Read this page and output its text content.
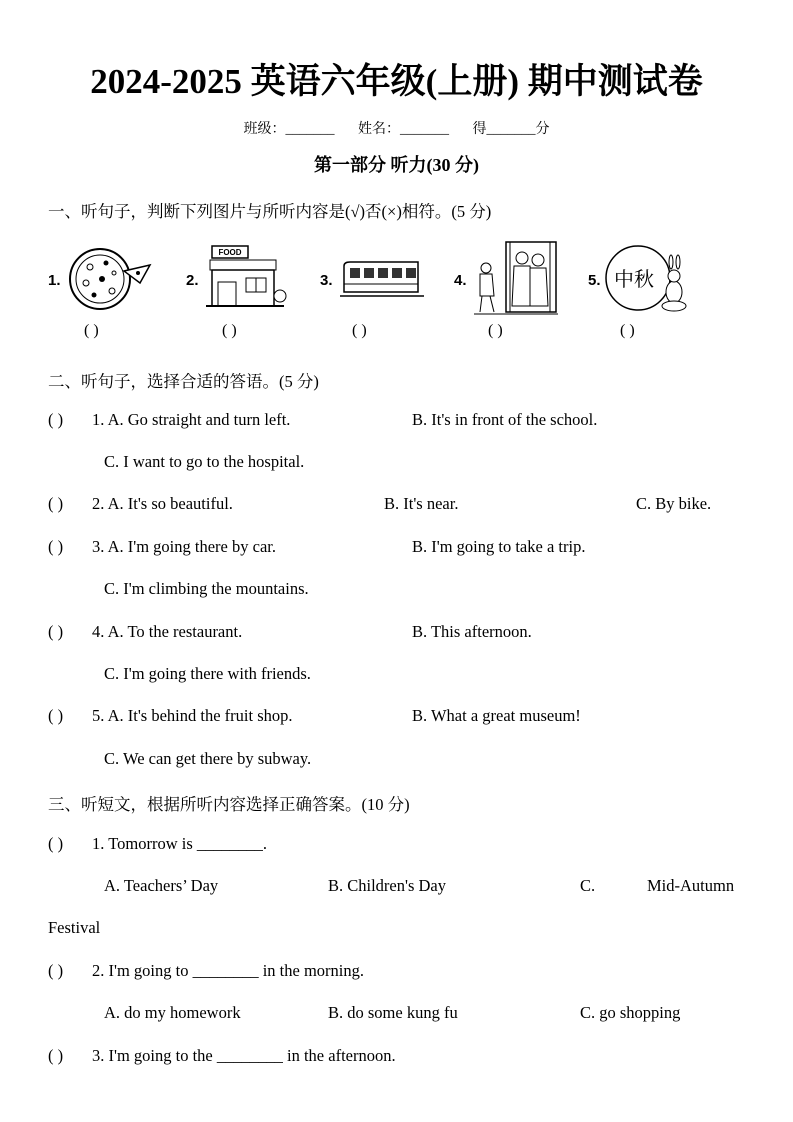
2024-2025 英语六年级(上册) 期中测试卷
班级：_______ 姓名：_______ 得_______分
第一部分 听力(30 分)
一、听句子，判断下列图片与所听内容是(√)否(×)相符。(5 分)
1.
( )
2.
FOOD
( )
3.
( )
4.
( )
5. 中秋
( )
二、听句子，选择合适的答语。(5 分)
( ) 1. A. Go straight and turn left.	B. It's in front of the school.
C. I want to go to the hospital.
( ) 2. A. It's so beautiful.	B. It's near.	C. By bike.
( ) 3. A. I'm going there by car.	B. I'm going to take a trip.
C. I'm climbing the mountains.
( ) 4. A. To the restaurant.	B. This afternoon.
C. I'm going there with friends.
( ) 5. A. It's behind the fruit shop.	B. What a great museum!
C. We can get there by subway.
三、听短文，根据所听内容选择正确答案。(10 分)
( ) 1. Tomorrow is ________.
A. Teachers’ Day	B. Children's Day	C.	Mid-Autumn
Festival
( ) 2. I'm going to ________ in the morning.
A. do my homework	B. do some kung fu	C. go shopping
( ) 3. I'm going to the ________ in the afternoon.
